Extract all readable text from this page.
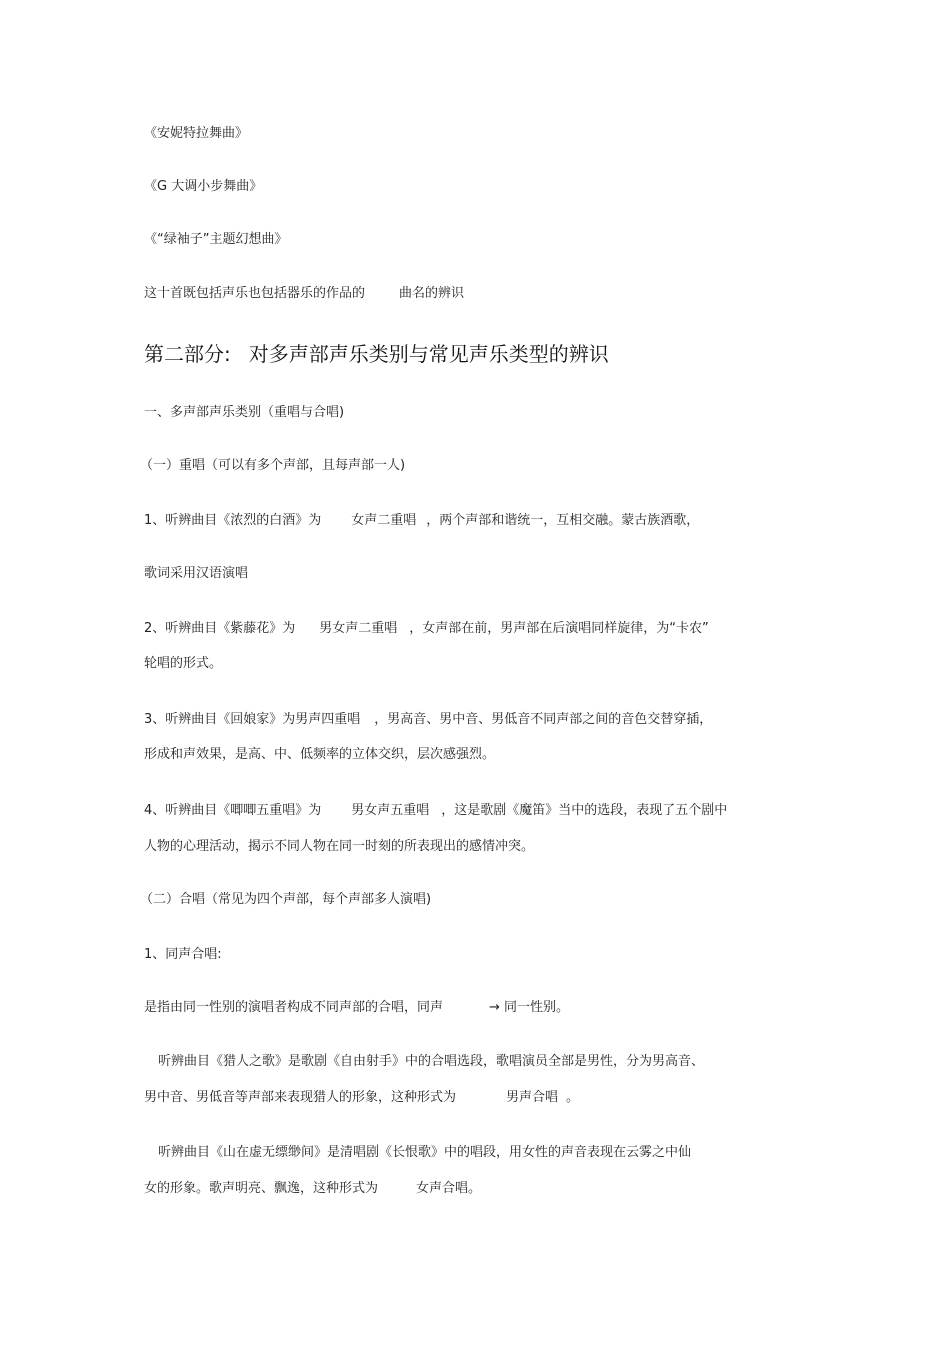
《安妮特拉舞曲》
《G 大调小步舞曲》
《“绿袖子”主题幻想曲》
这十首既包括声乐也包括器乐的作品的	曲名的辨识
第二部分: 对多声部声乐类别与常见声乐类型的辨识
一、多声部声乐类别（重唱与合唱)
（一）重唱（可以有多个声部，且每声部一人)
1、听辨曲目《浓烈的白酒》为 女声二重唱 ，两个声部和谐统一，互相交融。蒙古族酒歌，
歌词采用汉语演唱
2、听辨曲目《紫藤花》为 男女声二重唱 ，女声部在前，男声部在后演唱同样旋律，为“卡农”
轮唱的形式。
3、听辨曲目《回娘家》为男声四重唱 ，男高音、男中音、男低音不同声部之间的音色交替穿插，
形成和声效果，是高、中、低频率的立体交织，层次感强烈。
4、听辨曲目《唧唧五重唱》为 男女声五重唱 ，这是歌剧《魔笛》当中的选段，表现了五个剧中
人物的心理活动，揭示不同人物在同一时刻的所表现出的感情冲突。
（二）合唱（常见为四个声部，每个声部多人演唱)
1、同声合唱:
是指由同一性别的演唱者构成不同声部的合唱，同声	→ 同一性别。
听辨曲目《猎人之歌》是歌剧《自由射手》中的合唱选段，歌唱演员全部是男性，分为男高音、
男中音、男低音等声部来表现猎人的形象，这种形式为	男声合唱 。
听辨曲目《山在虚无缥缈间》是清唱剧《长恨歌》中的唱段，用女性的声音表现在云雾之中仙
女的形象。歌声明亮、飘逸，这种形式为	女声合唱。
